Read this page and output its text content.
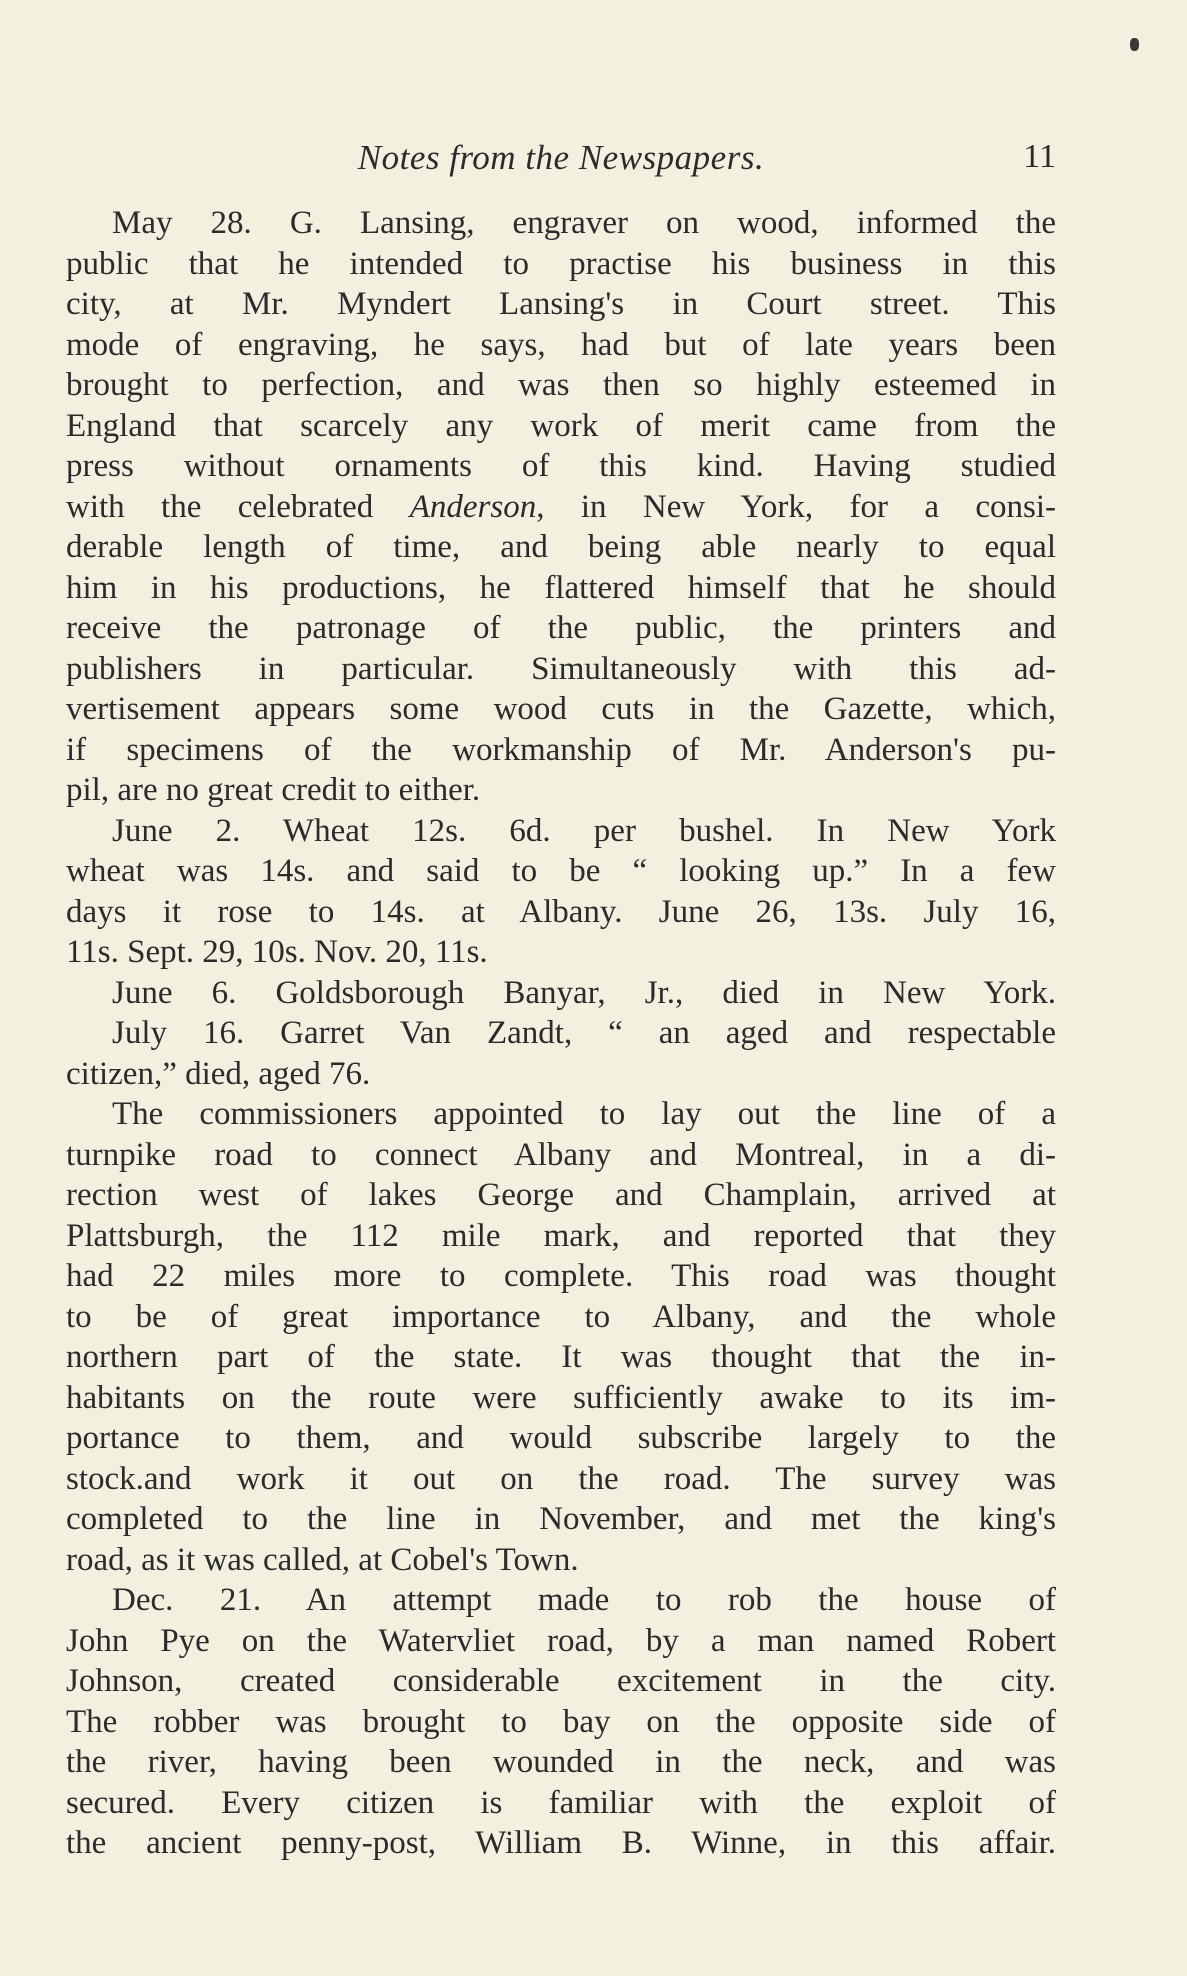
Notes from the Newspapers.	11
May 28. G. Lansing, engraver on wood, informed the
public that he intended to practise his business in this
city, at Mr. Myndert Lansing's in Court street. This
mode of engraving, he says, had but of late years been
brought to perfection, and was then so highly esteemed in
England that scarcely any work of merit came from the
press without ornaments of this kind. Having studied
with the celebrated Anderson, in New York, for a consi-
derable length of time, and being able nearly to equal
him in his productions, he flattered himself that he should
receive the patronage of the public, the printers and
publishers in particular. Simultaneously with this ad-
vertisement appears some wood cuts in the Gazette, which,
if specimens of the workmanship of Mr. Anderson's pu-
pil, are no great credit to either.
June 2. Wheat 12s. 6d. per bushel. In New York
wheat was 14s. and said to be “ looking up.” In a few
days it rose to 14s. at Albany. June 26, 13s. July 16,
11s. Sept. 29, 10s. Nov. 20, 11s.
June 6. Goldsborough Banyar, Jr., died in New York.
July 16. Garret Van Zandt, “ an aged and respectable
citizen,” died, aged 76.
The commissioners appointed to lay out the line of a
turnpike road to connect Albany and Montreal, in a di-
rection west of lakes George and Champlain, arrived at
Plattsburgh, the 112 mile mark, and reported that they
had 22 miles more to complete. This road was thought
to be of great importance to Albany, and the whole
northern part of the state. It was thought that the in-
habitants on the route were sufficiently awake to its im-
portance to them, and would subscribe largely to the
stock.and work it out on the road. The survey was
completed to the line in November, and met the king's
road, as it was called, at Cobel's Town.
Dec. 21. An attempt made to rob the house of
John Pye on the Watervliet road, by a man named Robert
Johnson, created considerable excitement in the city.
The robber was brought to bay on the opposite side of
the river, having been wounded in the neck, and was
secured. Every citizen is familiar with the exploit of
the ancient penny-post, William B. Winne, in this affair.
